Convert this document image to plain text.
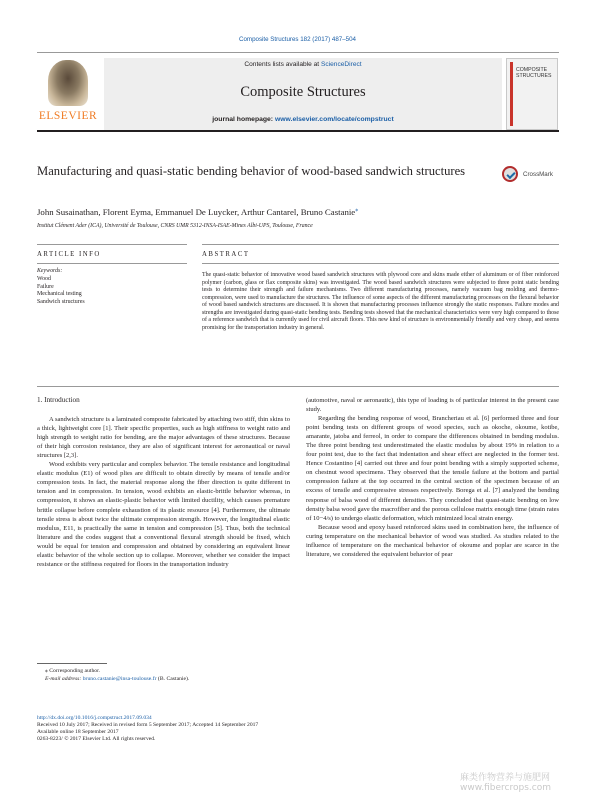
Composite Structures 182 (2017) 487–504
ELSEVIER
Contents lists available at ScienceDirect
Composite Structures
journal homepage: www.elsevier.com/locate/compstruct
COMPOSITE STRUCTURES
Manufacturing and quasi-static bending behavior of wood-based sandwich structures	CrossMark
John Susainathan, Florent Eyma, Emmanuel De Luycker, Arthur Cantarel, Bruno Castanie⁎
Institut Clément Ader (ICA), Université de Toulouse, CNRS UMR 5312-INSA-ISAE-Mines Albi-UPS, Toulouse, France
ARTICLE INFO	ABSTRACT
Keywords:
Wood
Failure
Mechanical testing
Sandwich structures
The quasi-static behavior of innovative wood based sandwich structures with plywood core and skins made either of aluminum or of fiber reinforced polymer (carbon, glass or flax composite skins) was investigated. The wood based sandwich structures were subjected to three point static bending tests to determine their strength and failure mechanisms. Two different manufacturing processes, namely vacuum bag molding and thermo-compression, were used to manufacture the structures. The influence of some aspects of the different manufacturing processes on the flexural behavior of wood based sandwich structures are discussed. It is shown that manufacturing processes influence strongly the static responses. Failure modes and strengths are investigated during quasi-static bending tests. Bending tests showed that the mechanical characteristics were very high compared to those of a reference sandwich that is currently used for civil aircraft floors. This new kind of structure is environmentally friendly and very cheap, and seems promising for the transportation industry in general.
1. Introduction

A sandwich structure is a laminated composite fabricated by attaching two stiff, thin skins to a thick, lightweight core [1]. Their specific properties, such as high stiffness to weight ratio and high strength to weight ratio for bending, are the major advantages of these structures. Because of their high corrosion resistance, they are also of significant interest for aeronautical or naval structures [2,3].

Wood exhibits very particular and complex behavior. The tensile resistance and longitudinal elastic modulus (E1) of wood plies are difficult to obtain directly by means of tensile and/or compression tests. In fact, the material response along the fiber direction is quite different in tension and in compression. In tension, wood exhibits an elastic-brittle behavior whereas, in compression, it shows an elastic-plastic behavior with limited ductility, which causes premature brittle collapse before complete exhaustion of its plastic resource [4]. Furthermore, the ultimate tensile stress is about twice the ultimate compression strength. However, the longitudinal elastic modulus, E11, is practically the same in tension and compression [5]. Thus, both the technical literature and the codes suggest that a conventional flexural strength should be fixed, which would be equal for tension and compression and obtained by considering an equivalent linear elastic behavior of the whole section up to collapse. Moreover, whether we consider the impact resistance or the stiffness required for floors in the transportation industry

(automotive, naval or aeronautic), this type of loading is of particular interest in the present case study.

Regarding the bending response of wood, Brancheriau et al. [6] performed three and four point bending tests on different groups of wood species, such as okoche, okoume, kotibe, amarante, jatoba and ferreol, in order to compare the differences obtained in bending modulus. The three point bending test underestimated the elastic modulus by about 19% in relation to a four point test, due to the fact that indentation and shear effect are neglected in the former test. Hence Costantino [4] carried out three and four point bending with a simply supported scheme, on chestnut wood specimens. They observed that the tensile failure at the bottom and partial compression failure at the top occurred in the central section of the specimen because of an excess of tensile and compressive stresses respectively. Borega et al. [7] analyzed the bending response of balsa wood of different densities. They concluded that quasi-static bending on low density balsa wood gave the macrofiber and the porous cellulose matrix enough time (strain rates of 10−4/s) to undergo elastic deformation, which minimized local strain energy.

Because wood and epoxy based reinforced skins used in combination here, the influence of curing temperature on the mechanical behavior of wood was studied. As studies related to the influence of temperature on the mechanical behavior of okoume and poplar are scarce in the literature, we considered the equivalent behavior of pear

⁎ Corresponding author.
E-mail address: bruno.castanie@insa-toulouse.fr (B. Castanie).
http://dx.doi.org/10.1016/j.compstruct.2017.09.034
Received 10 July 2017; Received in revised form 5 September 2017; Accepted 14 September 2017
Available online 18 September 2017
0263-8223/ © 2017 Elsevier Ltd. All rights reserved.
麻类作物营养与施肥网 www.fibercrops.com
